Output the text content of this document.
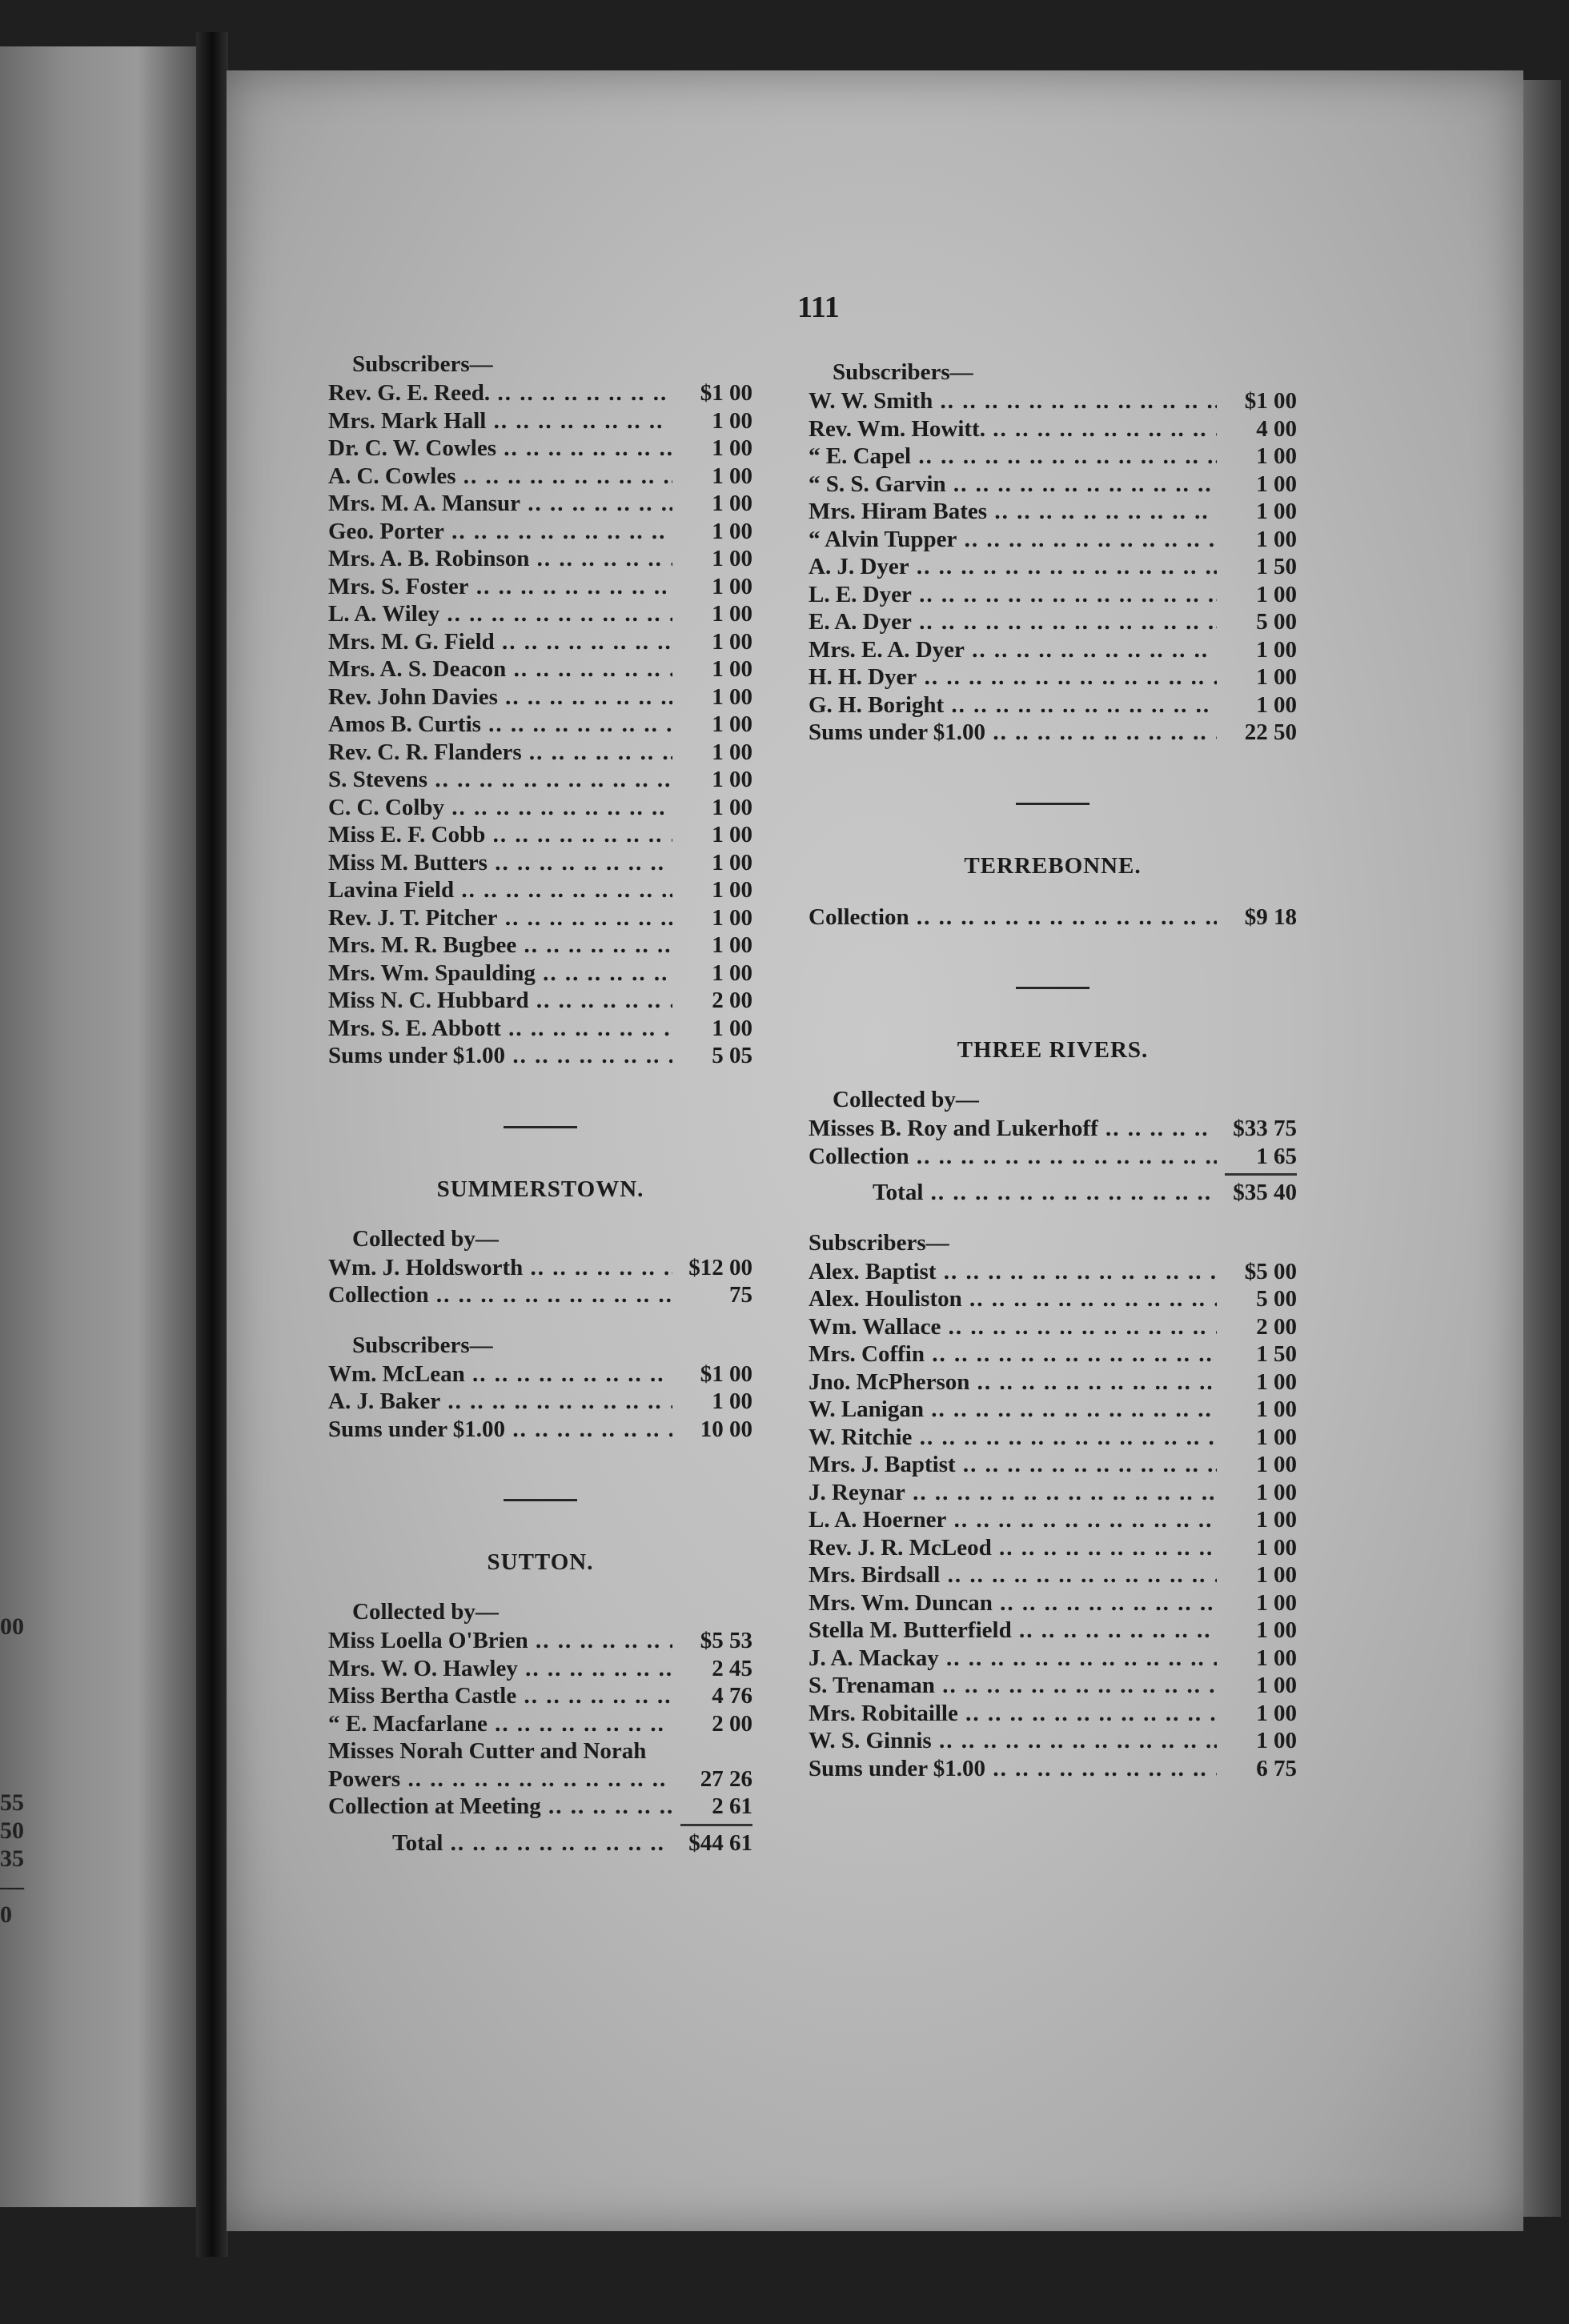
00
55
50
35
—
0
111
Subscribers—
Rev. G. E. Reed. .. ..	$1 00
Mrs. Mark Hall .. ..	1 00
Dr. C. W. Cowles .. ..	1 00
A. C. Cowles .. ..	1 00
Mrs. M. A. Mansur .. ..	1 00
Geo. Porter .. ..	1 00
Mrs. A. B. Robinson .. ..	1 00
Mrs. S. Foster .. ..	1 00
L. A. Wiley .. ..	1 00
Mrs. M. G. Field .. ..	1 00
Mrs. A. S. Deacon .. ..	1 00
Rev. John Davies .. ..	1 00
Amos B. Curtis .. ..	1 00
Rev. C. R. Flanders .. ..	1 00
S. Stevens .. ..	1 00
C. C. Colby .. ..	1 00
Miss E. F. Cobb .. ..	1 00
Miss M. Butters .. ..	1 00
Lavina Field .. ..	1 00
Rev. J. T. Pitcher .. ..	1 00
Mrs. M. R. Bugbee .. ..	1 00
Mrs. Wm. Spaulding .. ..	1 00
Miss N. C. Hubbard .. ..	2 00
Mrs. S. E. Abbott .. ..	1 00
Sums under $1.00 .. ..	5 05
SUMMERSTOWN.
Collected by—
Wm. J. Holdsworth .. ..	$12 00
Collection .. ..	75
Subscribers—
Wm. McLean .. ..	$1 00
A. J. Baker .. ..	1 00
Sums under $1.00 .. ..	10 00
SUTTON.
Collected by—
Miss Loella O'Brien .. ..	$5 53
Mrs. W. O. Hawley .. ..	2 45
Miss Bertha Castle .. ..	4 76
“ E. Macfarlane .. ..	2 00
Misses Norah Cutter and Norah
Powers .. ..	27 26
Collection at Meeting .. ..	2 61
Total .. ..	$44 61
Subscribers—
W. W. Smith .. ..	$1 00
Rev. Wm. Howitt. .. ..	4 00
“ E. Capel .. ..	1 00
“ S. S. Garvin .. ..	1 00
Mrs. Hiram Bates .. ..	1 00
“ Alvin Tupper .. ..	1 00
A. J. Dyer .. ..	1 50
L. E. Dyer .. ..	1 00
E. A. Dyer .. ..	5 00
Mrs. E. A. Dyer .. ..	1 00
H. H. Dyer .. ..	1 00
G. H. Boright .. ..	1 00
Sums under $1.00 .. ..	22 50
TERREBONNE.
Collection .. ..	$9 18
THREE RIVERS.
Collected by—
Misses B. Roy and Lukerhoff .. ..	$33 75
Collection .. ..	1 65
Total .. ..	$35 40
Subscribers—
Alex. Baptist .. ..	$5 00
Alex. Houliston .. ..	5 00
Wm. Wallace .. ..	2 00
Mrs. Coffin .. ..	1 50
Jno. McPherson .. ..	1 00
W. Lanigan .. ..	1 00
W. Ritchie .. ..	1 00
Mrs. J. Baptist .. ..	1 00
J. Reynar .. ..	1 00
L. A. Hoerner .. ..	1 00
Rev. J. R. McLeod .. ..	1 00
Mrs. Birdsall .. ..	1 00
Mrs. Wm. Duncan .. ..	1 00
Stella M. Butterfield .. ..	1 00
J. A. Mackay .. ..	1 00
S. Trenaman .. ..	1 00
Mrs. Robitaille .. ..	1 00
W. S. Ginnis .. ..	1 00
Sums under $1.00 .. ..	6 75
